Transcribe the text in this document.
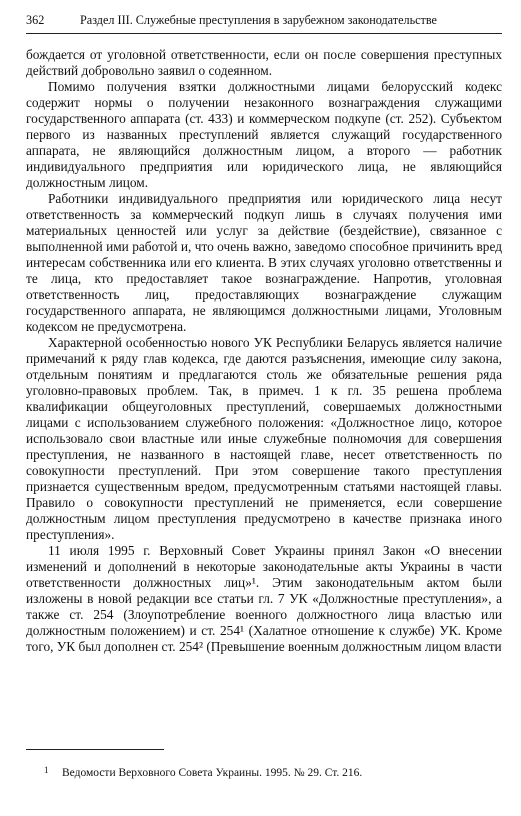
362	Раздел III. Служебные преступления в зарубежном законодательстве

бождается от уголовной ответственности, если он после совершения преступных действий добровольно заявил о содеянном.

Помимо получения взятки должностными лицами белорусский кодекс содержит нормы о получении незаконного вознаграждения служащими государственного аппарата (ст. 433) и коммерческом подкупе (ст. 252). Субъектом первого из названных преступлений является служащий государственного аппарата, не являющийся должностным лицом, а второго — работник индивидуального предприятия или юридического лица, не являющийся должностным лицом.

Работники индивидуального предприятия или юридического лица несут ответственность за коммерческий подкуп лишь в случаях получения ими материальных ценностей или услуг за действие (бездействие), связанное с выполненной ими работой и, что очень важно, заведомо способное причинить вред интересам собственника или его клиента. В этих случаях уголовно ответственны и те лица, кто предоставляет такое вознаграждение. Напротив, уголовная ответственность лиц, предоставляющих вознаграждение служащим государственного аппарата, не являющимся должностными лицами, Уголовным кодексом не предусмотрена.

Характерной особенностью нового УК Республики Беларусь является наличие примечаний к ряду глав кодекса, где даются разъяснения, имеющие силу закона, отдельным понятиям и предлагаются столь же обязательные решения ряда уголовно-правовых проблем. Так, в примеч. 1 к гл. 35 решена проблема квалификации общеуголовных преступлений, совершаемых должностными лицами с использованием служебного положения: «Должностное лицо, которое использовало свои властные или иные служебные полномочия для совершения преступления, не названного в настоящей главе, несет ответственность по совокупности преступлений. При этом совершение такого преступления признается существенным вредом, предусмотренным статьями настоящей главы. Правило о совокупности преступлений не применяется, если совершение должностным лицом преступления предусмотрено в качестве признака иного преступления».

11 июля 1995 г. Верховный Совет Украины принял Закон «О внесении изменений и дополнений в некоторые законодательные акты Украины в части ответственности должностных лиц»¹. Этим законодательным актом были изложены в новой редакции все статьи гл. 7 УК «Должностные преступления», а также ст. 254 (Злоупотребление военного должностного лица властью или должностным положением) и ст. 254¹ (Халатное отношение к службе) УК. Кроме того, УК был дополнен ст. 254² (Превышение военным должностным лицом власти

1 Ведомости Верховного Совета Украины. 1995. № 29. Ст. 216.
